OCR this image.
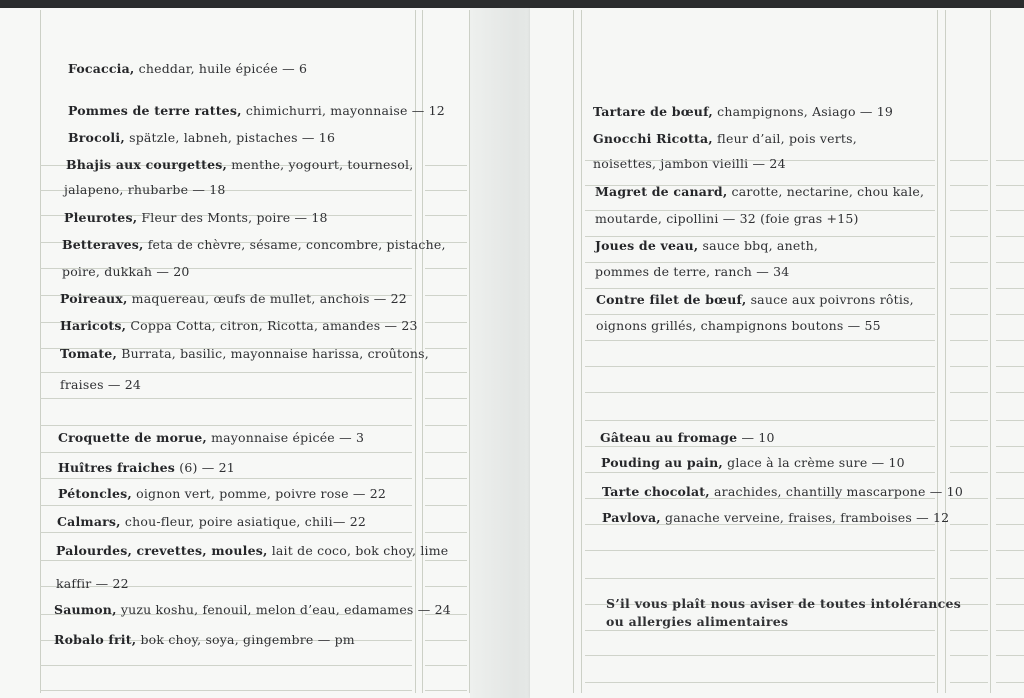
Focaccia, cheddar, huile épicée — 6
Pommes de terre rattes, chimichurri, mayonnaise — 12
Brocoli, spätzle, labneh, pistaches — 16
Bhajis aux courgettes, menthe, yogourt, tournesol,
jalapeno, rhubarbe — 18
Pleurotes, Fleur des Monts, poire — 18
Betteraves, feta de chèvre, sésame, concombre, pistache,
poire, dukkah — 20
Poireaux, maquereau, œufs de mullet, anchois — 22
Haricots, Coppa Cotta, citron, Ricotta, amandes — 23
Tomate, Burrata, basilic, mayonnaise harissa, croûtons,
fraises — 24
Croquette de morue, mayonnaise épicée — 3
Huîtres fraiches (6) — 21
Pétoncles, oignon vert, pomme, poivre rose — 22
Calmars, chou-fleur, poire asiatique, chili— 22
Palourdes, crevettes, moules, lait de coco, bok choy, lime
kaffir — 22
Saumon, yuzu koshu, fenouil, melon d’eau, edamames — 24
Robalo frit, bok choy, soya, gingembre — pm
Tartare de bœuf, champignons, Asiago — 19
Gnocchi Ricotta, fleur d’ail, pois verts,
noisettes, jambon vieilli — 24
Magret de canard, carotte, nectarine, chou kale,
moutarde, cipollini — 32 (foie gras +15)
Joues de veau, sauce bbq, aneth,
pommes de terre, ranch — 34
Contre filet de bœuf, sauce aux poivrons rôtis,
oignons grillés, champignons boutons — 55
Gâteau au fromage — 10
Pouding au pain, glace à la crème sure — 10
Tarte chocolat, arachides, chantilly mascarpone — 10
Pavlova, ganache verveine, fraises, framboises — 12
S’il vous plaît nous aviser de toutes intolérances
ou allergies alimentaires
